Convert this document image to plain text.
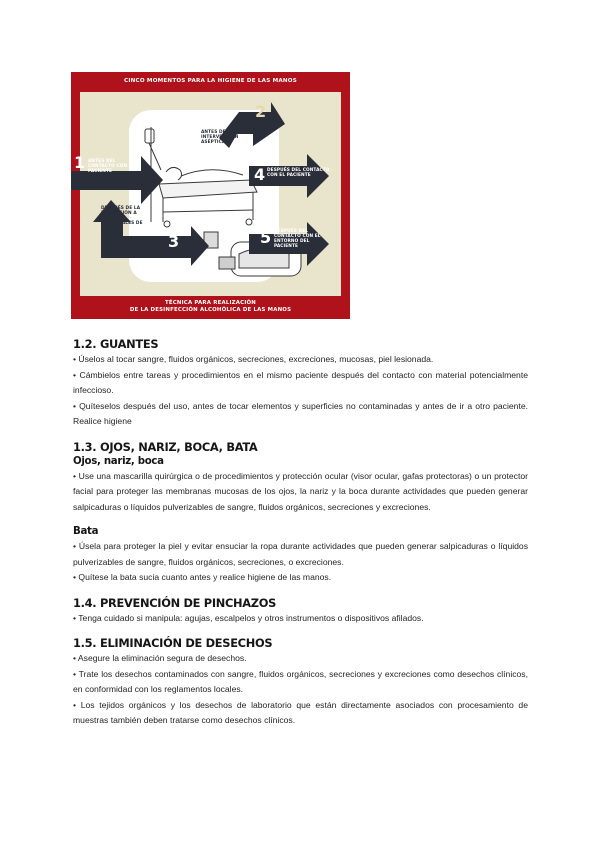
CINCO MOMENTOS PARA LA HIGIENE DE LAS MANOS
1 ANTES DEL CONTACTO CON EL PACIENTE
2
ANTES DE UNA INTERVENCIÓN ASÉPTICA
3
DESPUÉS DE LA EXPOSICIÓN A FLUIDOS CORPORALES DE RIESGO
4 DESPUÉS DEL CONTACTO CON EL PACIENTE
5 DESPUÉS DEL CONTACTO CON EL ENTORNO DEL PACIENTE
TÉCNICA PARA REALIZACIÓN
DE LA DESINFECCIÓN ALCOHÓLICA DE LAS MANOS

1.2. GUANTES

• Úselos al tocar sangre, fluidos orgánicos, secreciones, excreciones, mucosas, piel lesionada.

• Cámbielos entre tareas y procedimientos en el mismo paciente después del contacto con material potencialmente infeccioso.

• Quíteselos después del uso, antes de tocar elementos y superficies no contaminadas y antes de ir a otro paciente. Realice higiene

1.3. OJOS, NARIZ, BOCA, BATA

Ojos, nariz, boca

• Use una mascarilla quirúrgica o de procedimientos y protección ocular (visor ocular, gafas protectoras) o un protector facial para proteger las membranas mucosas de los ojos, la nariz y la boca durante actividades que pueden generar salpicaduras o líquidos pulverizables de sangre, fluidos orgánicos, secreciones y excreciones.

Bata

• Úsela para proteger la piel y evitar ensuciar la ropa durante actividades que pueden generar salpicaduras o líquidos pulverizables de sangre, fluidos orgánicos, secreciones, o excreciones.

• Quítese la bata sucia cuanto antes y realice higiene de las manos.

1.4. PREVENCIÓN DE PINCHAZOS

• Tenga cuidado si manipula: agujas, escalpelos y otros instrumentos o dispositivos afilados.

1.5. ELIMINACIÓN DE DESECHOS

• Asegure la eliminación segura de desechos.

• Trate los desechos contaminados con sangre, fluidos orgánicos, secreciones y excreciones como desechos clínicos, en conformidad con los reglamentos locales.

• Los tejidos orgánicos y los desechos de laboratorio que están directamente asociados con procesamiento de muestras también deben tratarse como desechos clínicos.
